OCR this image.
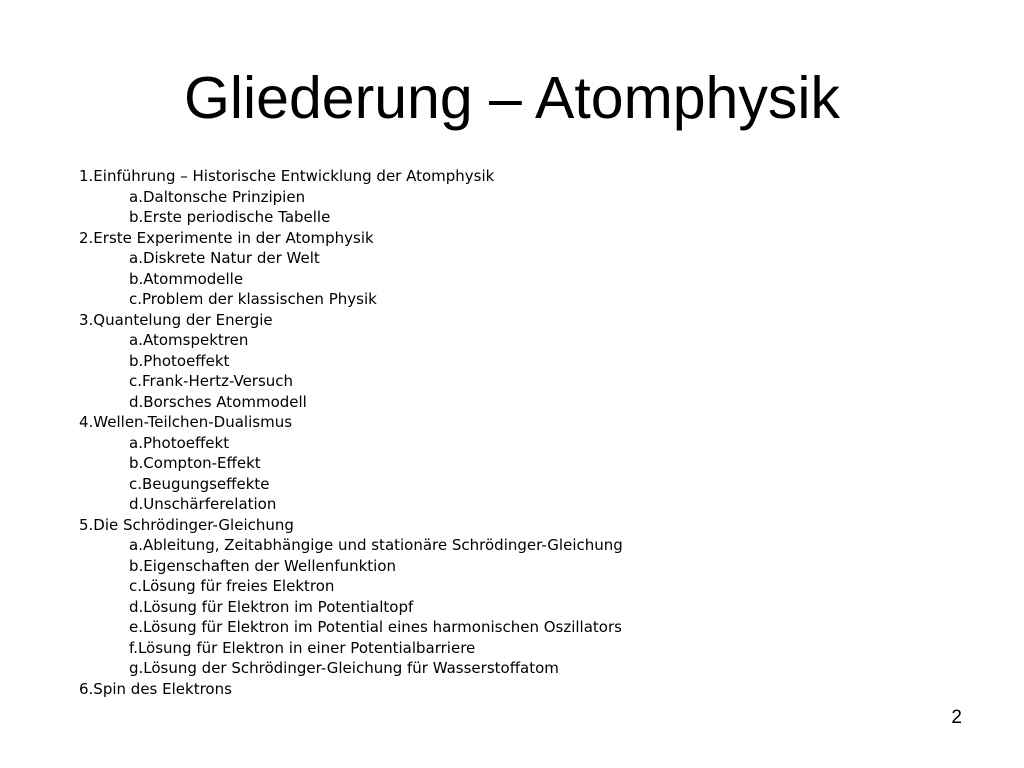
Gliederung – Atomphysik
1.Einführung – Historische Entwicklung der Atomphysik
a.Daltonsche Prinzipien
b.Erste periodische Tabelle
2.Erste Experimente in der Atomphysik
a.Diskrete Natur der Welt
b.Atommodelle
c.Problem der klassischen Physik
3.Quantelung der Energie
a.Atomspektren
b.Photoeffekt
c.Frank-Hertz-Versuch
d.Borsches Atommodell
4.Wellen-Teilchen-Dualismus
a.Photoeffekt
b.Compton-Effekt
c.Beugungseffekte
d.Unschärferelation
5.Die Schrödinger-Gleichung
a.Ableitung, Zeitabhängige und stationäre Schrödinger-Gleichung
b.Eigenschaften der Wellenfunktion
c.Lösung für freies Elektron
d.Lösung für Elektron im Potentialtopf
e.Lösung für Elektron im Potential eines harmonischen Oszillators
f.Lösung für Elektron in einer Potentialbarriere
g.Lösung der Schrödinger-Gleichung für Wasserstoffatom
6.Spin des Elektrons
2
